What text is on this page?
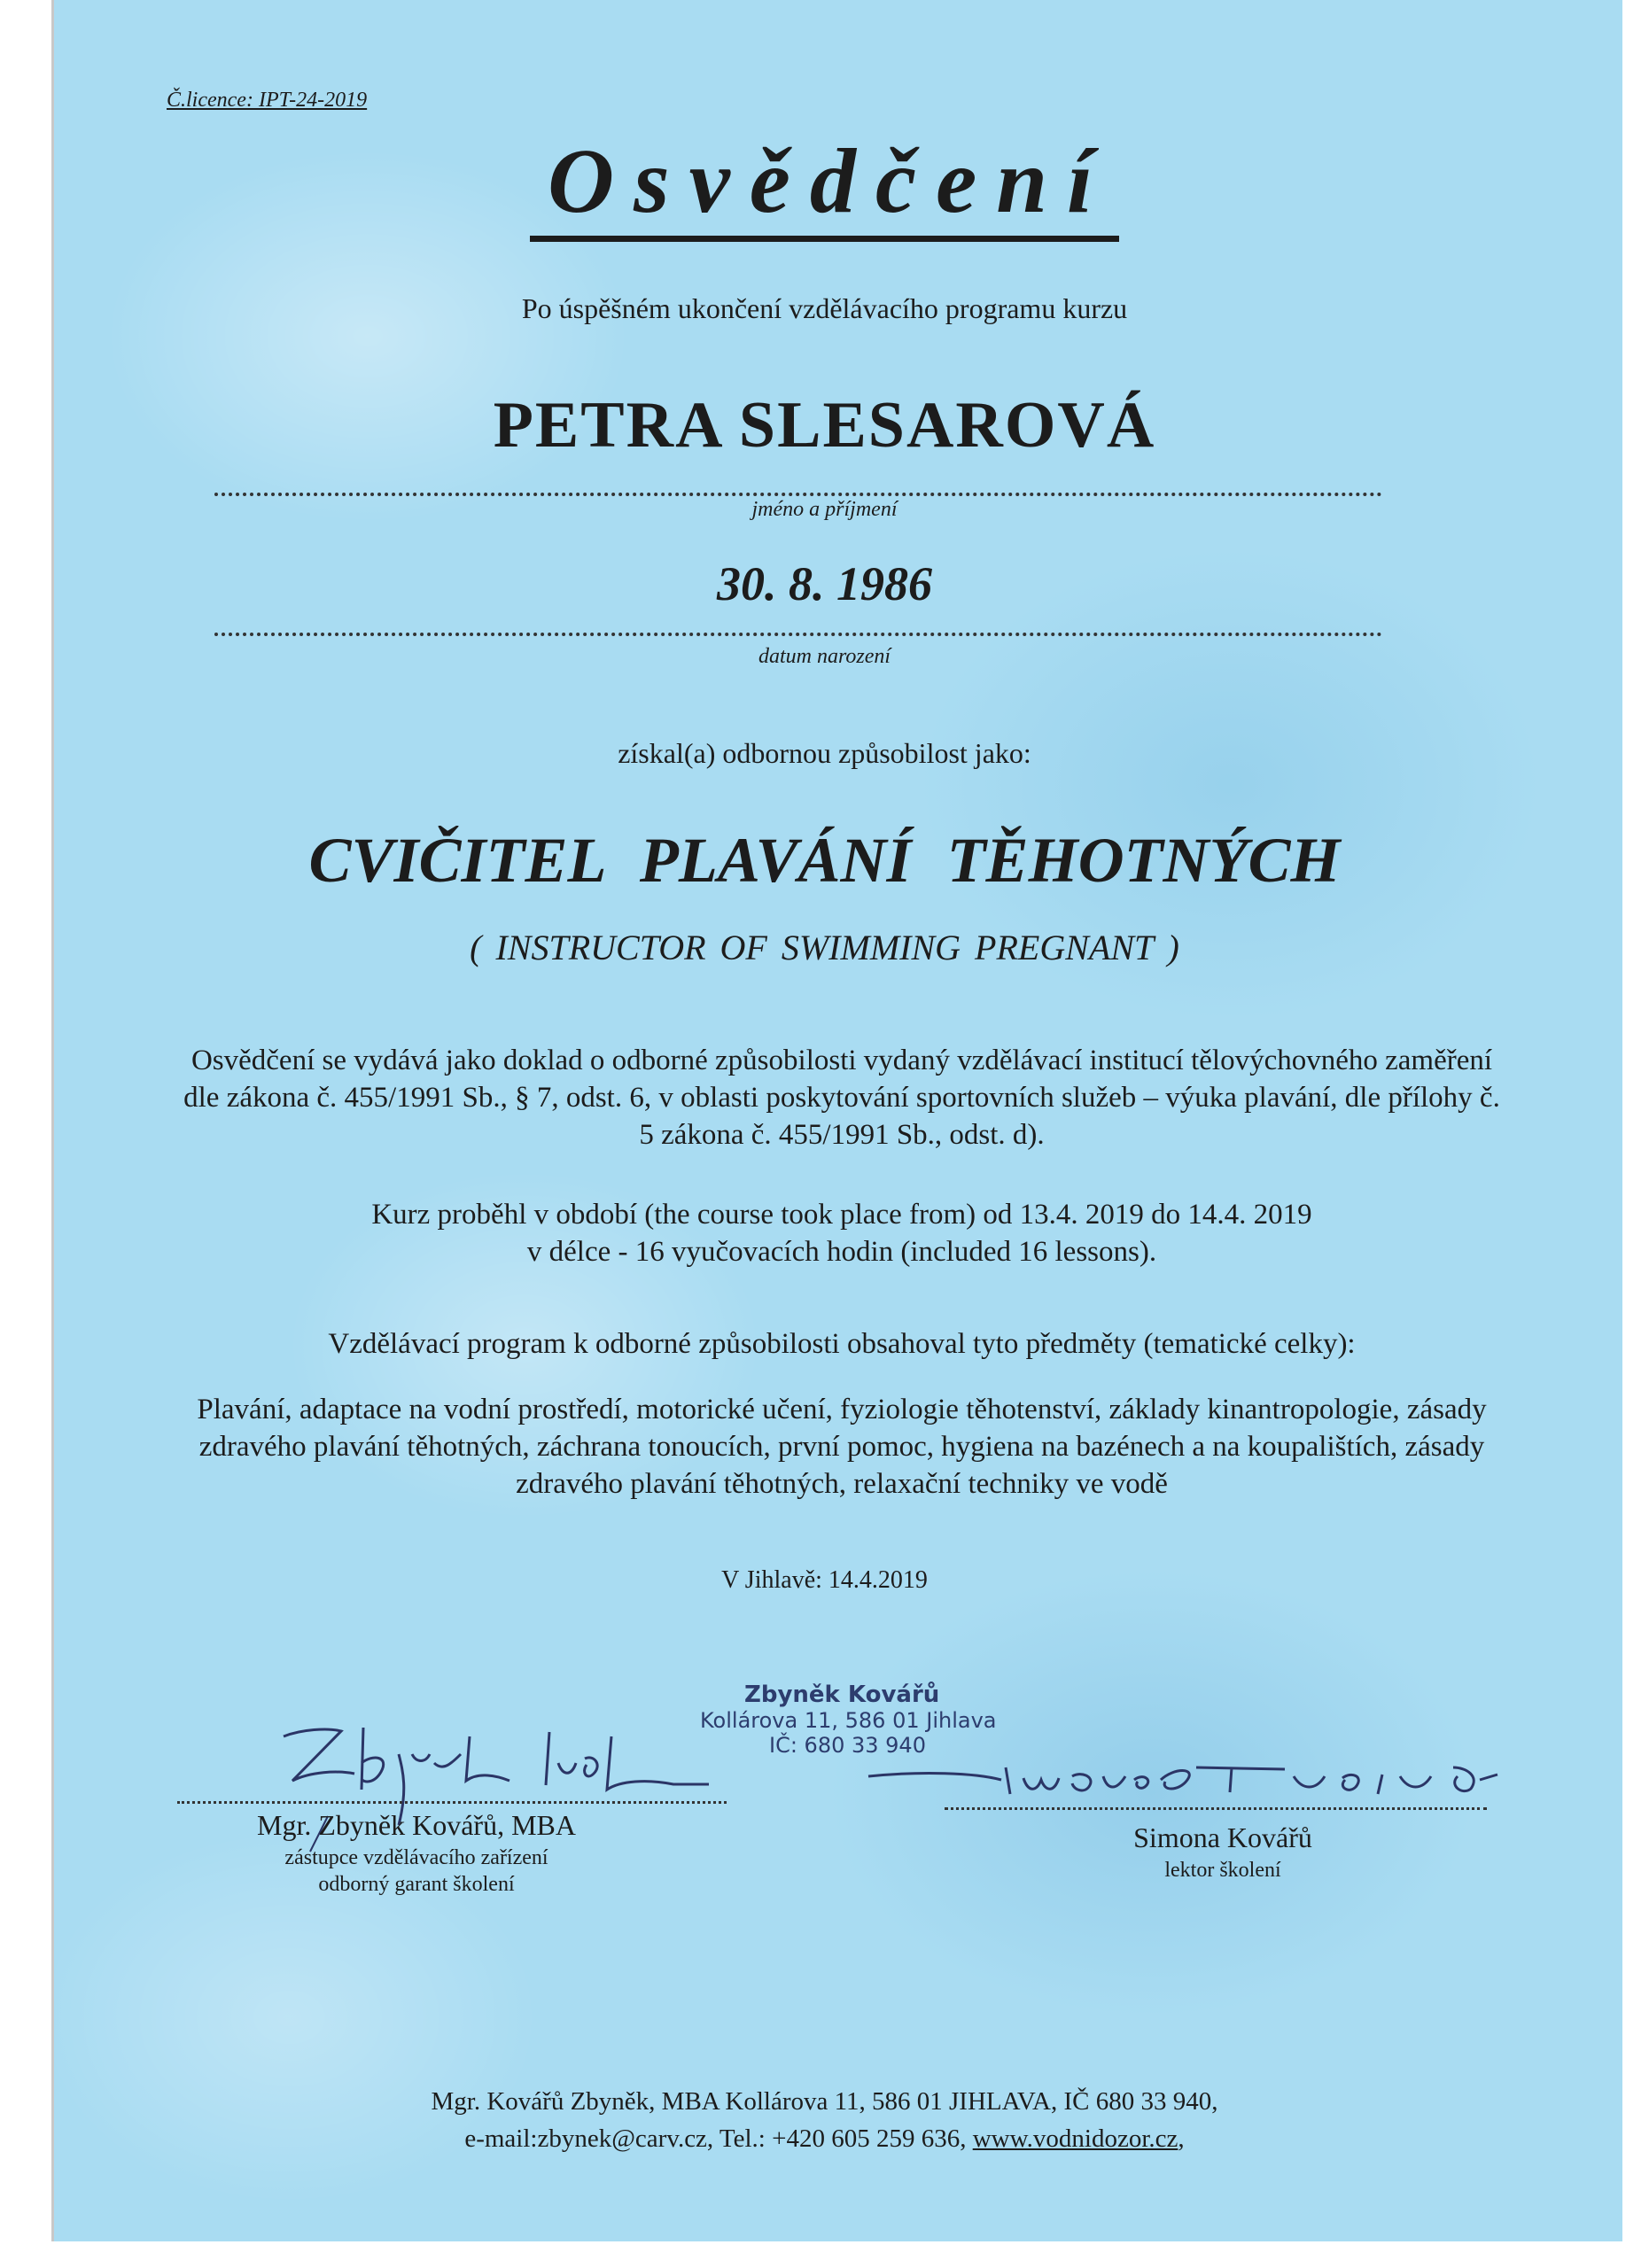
Č.licence: IPT-24-2019
Osvědčení
Po úspěšném ukončení vzdělávacího programu kurzu
PETRA SLESAROVÁ
jméno a příjmení
30. 8. 1986
datum narození
získal(a) odbornou způsobilost jako:
CVIČITEL PLAVÁNÍ TĚHOTNÝCH
( INSTRUCTOR OF SWIMMING PREGNANT )
Osvědčení se vydává jako doklad o odborné způsobilosti vydaný vzdělávací institucí tělovýchovného zaměření dle zákona č. 455/1991 Sb., § 7, odst. 6, v oblasti poskytování sportovních služeb – výuka plavání, dle přílohy č. 5 zákona č. 455/1991 Sb., odst. d).
Kurz proběhl v období (the course took place from) od 13.4. 2019 do 14.4. 2019
v délce - 16 vyučovacích hodin (included 16 lessons).
Vzdělávací program k odborné způsobilosti obsahoval tyto předměty (tematické celky):
Plavání, adaptace na vodní prostředí, motorické učení, fyziologie těhotenství, základy kinantropologie, zásady zdravého plavání těhotných, záchrana tonoucích, první pomoc, hygiena na bazénech a na koupalištích, zásady zdravého plavání těhotných, relaxační techniky ve vodě
V Jihlavě: 14.4.2019
Zbyněk Kovářů
Kollárova 11, 586 01 Jihlava
IČ: 680 33 940
Mgr. Zbyněk Kovářů, MBA
zástupce vzdělávacího zařízení
odborný garant školení
Simona Kovářů
lektor školení
Mgr. Kovářů Zbyněk, MBA Kollárova 11, 586 01 JIHLAVA, IČ 680 33 940,
e-mail:zbynek@carv.cz, Tel.: +420 605 259 636, www.vodnidozor.cz,
